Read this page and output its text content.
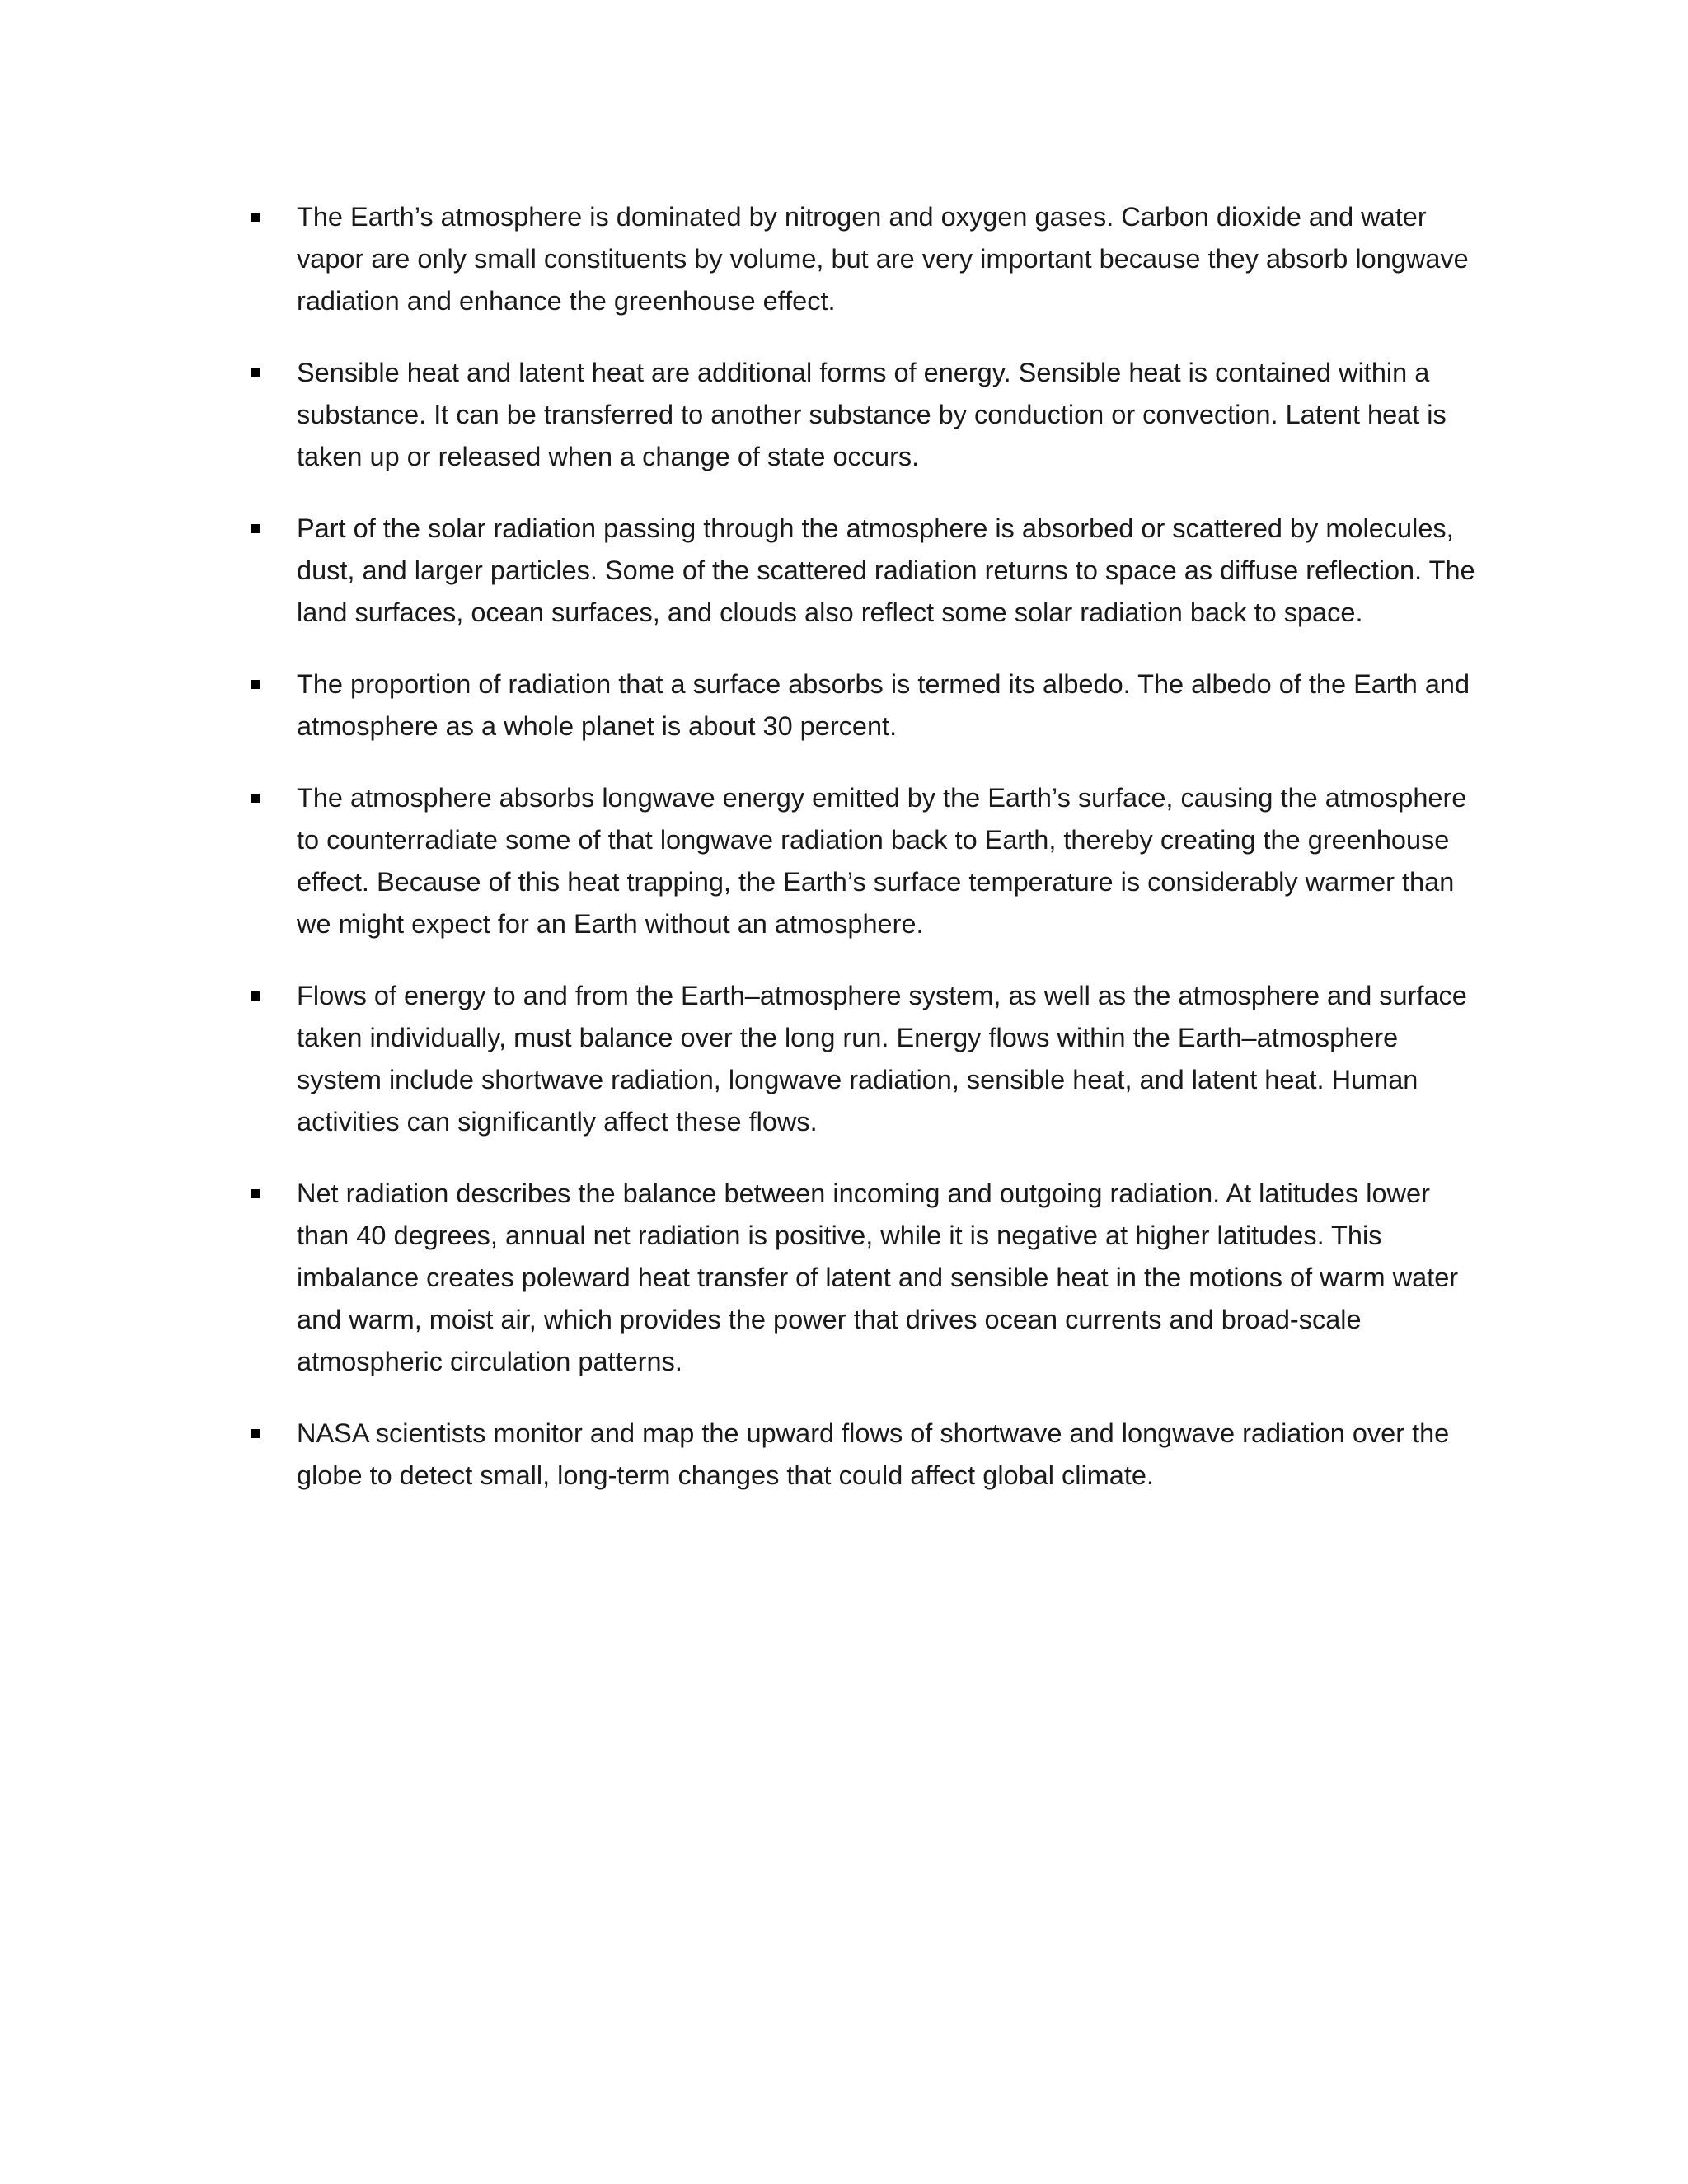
The Earth’s atmosphere is dominated by nitrogen and oxygen gases. Carbon dioxide and water vapor are only small constituents by volume, but are very important because they absorb longwave radiation and enhance the greenhouse effect.
Sensible heat and latent heat are additional forms of energy. Sensible heat is contained within a substance. It can be transferred to another substance by conduction or convection. Latent heat is taken up or released when a change of state occurs.
Part of the solar radiation passing through the atmosphere is absorbed or scattered by molecules, dust, and larger particles. Some of the scattered radiation returns to space as diffuse reflection. The land surfaces, ocean surfaces, and clouds also reflect some solar radiation back to space.
The proportion of radiation that a surface absorbs is termed its albedo. The albedo of the Earth and atmosphere as a whole planet is about 30 percent.
The atmosphere absorbs longwave energy emitted by the Earth’s surface, causing the atmosphere to counterradiate some of that longwave radiation back to Earth, thereby creating the greenhouse effect. Because of this heat trapping, the Earth’s surface temperature is considerably warmer than we might expect for an Earth without an atmosphere.
Flows of energy to and from the Earth–atmosphere system, as well as the atmosphere and surface taken individually, must balance over the long run. Energy flows within the Earth–atmosphere system include shortwave radiation, longwave radiation, sensible heat, and latent heat. Human activities can significantly affect these flows.
Net radiation describes the balance between incoming and outgoing radiation. At latitudes lower than 40 degrees, annual net radiation is positive, while it is negative at higher latitudes. This imbalance creates poleward heat transfer of latent and sensible heat in the motions of warm water and warm, moist air, which provides the power that drives ocean currents and broad-scale atmospheric circulation patterns.
NASA scientists monitor and map the upward flows of shortwave and longwave radiation over the globe to detect small, long-term changes that could affect global climate.
